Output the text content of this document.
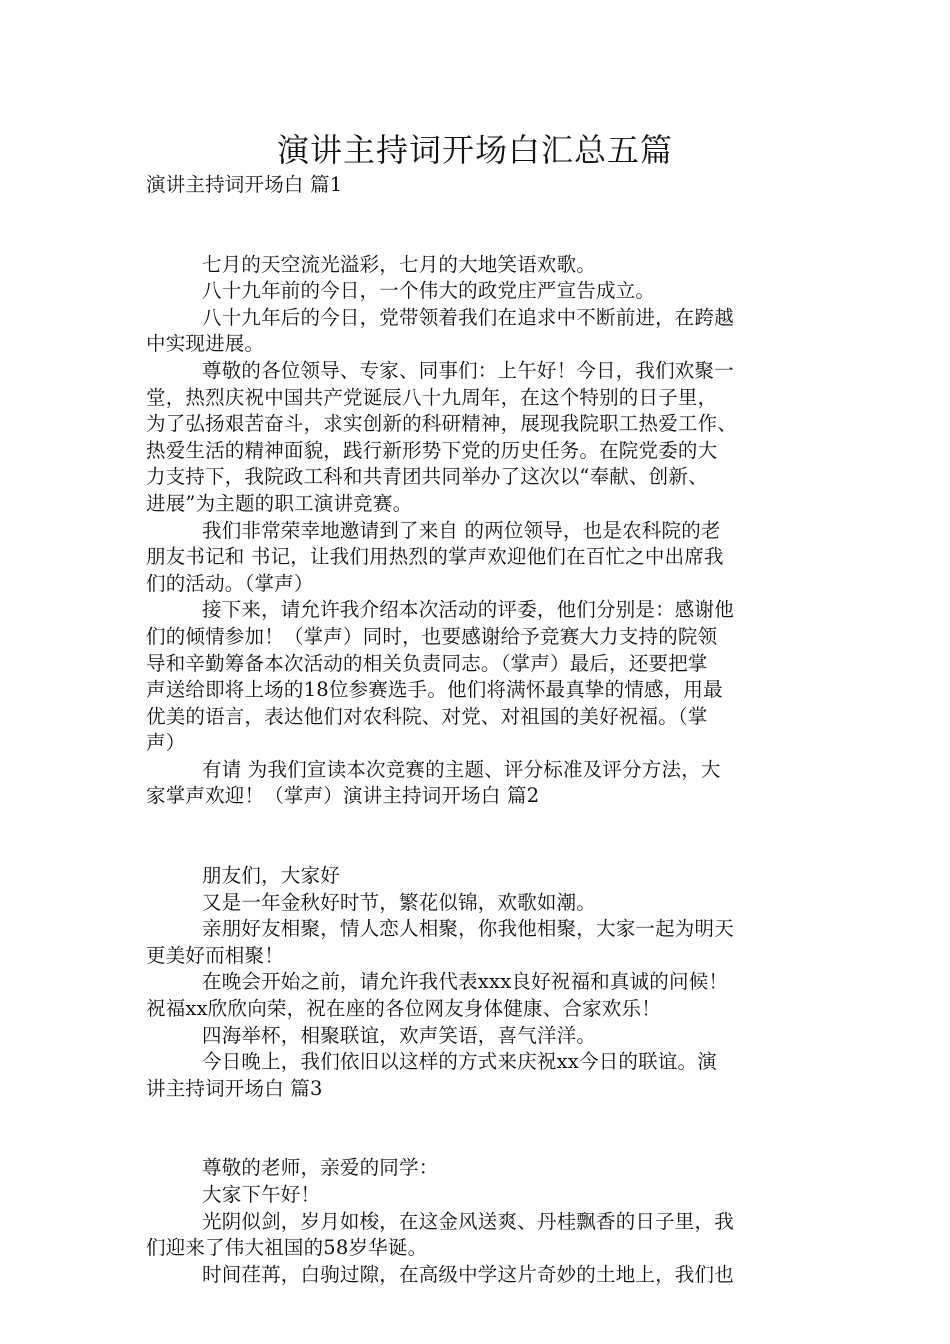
演讲主持词开场白汇总五篇
演讲主持词开场白 篇1
七月的天空流光溢彩，七月的大地笑语欢歌。
八十九年前的今日，一个伟大的政党庄严宣告成立。
八十九年后的今日，党带领着我们在追求中不断前进，在跨越
中实现进展。
尊敬的各位领导、专家、同事们：上午好！今日，我们欢聚一
堂，热烈庆祝中国共产党诞辰八十九周年，在这个特别的日子里，
为了弘扬艰苦奋斗，求实创新的科研精神，展现我院职工热爱工作、
热爱生活的精神面貌，践行新形势下党的历史任务。在院党委的大
力支持下，我院政工科和共青团共同举办了这次以“奉献、创新、
进展”为主题的职工演讲竞赛。
我们非常荣幸地邀请到了来自 的两位领导，也是农科院的老
朋友书记和 书记，让我们用热烈的掌声欢迎他们在百忙之中出席我
们的活动。（掌声）
接下来，请允许我介绍本次活动的评委，他们分别是：感谢他
们的倾情参加！（掌声）同时，也要感谢给予竞赛大力支持的院领
导和辛勤筹备本次活动的相关负责同志。（掌声）最后，还要把掌
声送给即将上场的18位参赛选手。他们将满怀最真挚的情感，用最
优美的语言，表达他们对农科院、对党、对祖国的美好祝福。（掌
声）
有请 为我们宣读本次竞赛的主题、评分标准及评分方法，大
家掌声欢迎！（掌声）演讲主持词开场白 篇2
朋友们，大家好
又是一年金秋好时节，繁花似锦，欢歌如潮。
亲朋好友相聚，情人恋人相聚，你我他相聚，大家一起为明天
更美好而相聚！
在晚会开始之前，请允许我代表xxx良好祝福和真诚的问候！
祝福xx欣欣向荣，祝在座的各位网友身体健康、合家欢乐！
四海举杯，相聚联谊，欢声笑语，喜气洋洋。
今日晚上，我们依旧以这样的方式来庆祝xx今日的联谊。演
讲主持词开场白 篇3
尊敬的老师，亲爱的同学：
大家下午好！
光阴似剑，岁月如梭，在这金风送爽、丹桂飘香的日子里，我
们迎来了伟大祖国的58岁华诞。
时间荏苒，白驹过隙，在高级中学这片奇妙的土地上，我们也
